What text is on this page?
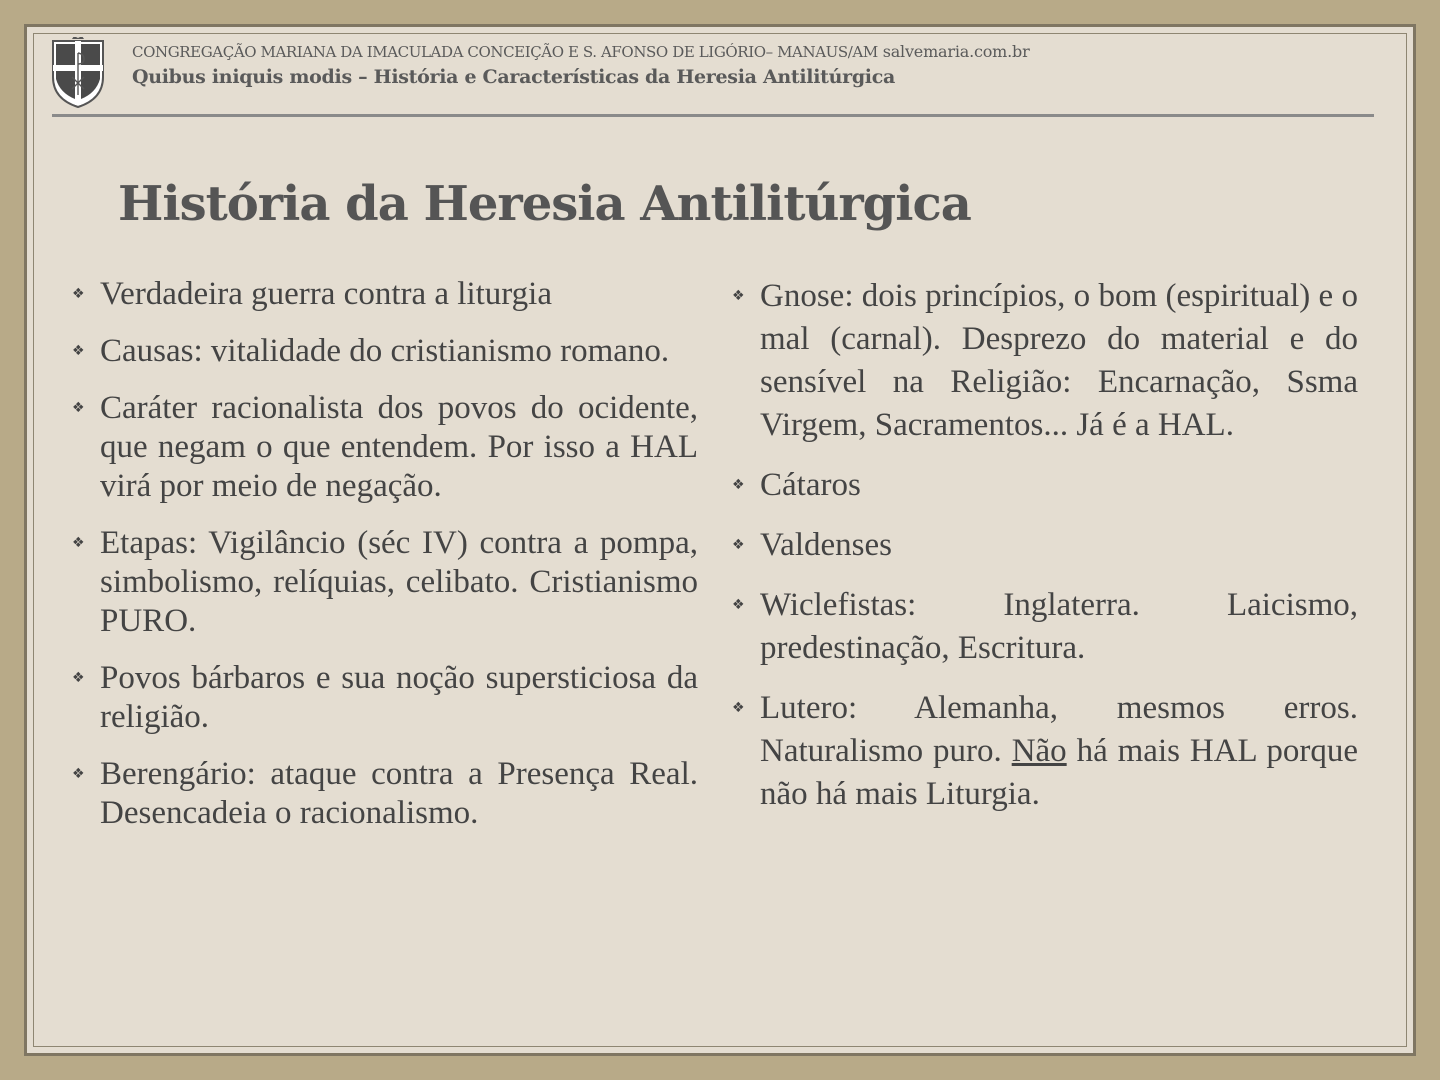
CONGREGAÇÃO MARIANA DA IMACULADA CONCEIÇÃO E S. AFONSO DE LIGÓRIO– MANAUS/AM salvemaria.com.br
Quibus iniquis modis – História e Características da Heresia Antilitúrgica
História da Heresia Antilitúrgica
❖ Verdadeira guerra contra a liturgia
❖ Causas: vitalidade do cristianismo romano.
❖ Caráter racionalista dos povos do ocidente, que negam o que entendem. Por isso a HAL virá por meio de negação.
❖ Etapas: Vigilâncio (séc IV) contra a pompa, simbolismo, relíquias, celibato. Cristianismo PURO.
❖ Povos bárbaros e sua noção supersticiosa da religião.
❖ Berengário: ataque contra a Presença Real. Desencadeia o racionalismo.
❖ Gnose: dois princípios, o bom (espiritual) e o mal (carnal). Desprezo do material e do sensível na Religião: Encarnação, Ssma Virgem, Sacramentos... Já é a HAL.
❖ Cátaros
❖ Valdenses
❖ Wiclefistas: Inglaterra. Laicismo, predestinação, Escritura.
❖ Lutero: Alemanha, mesmos erros. Naturalismo puro. Não há mais HAL porque não há mais Liturgia.
